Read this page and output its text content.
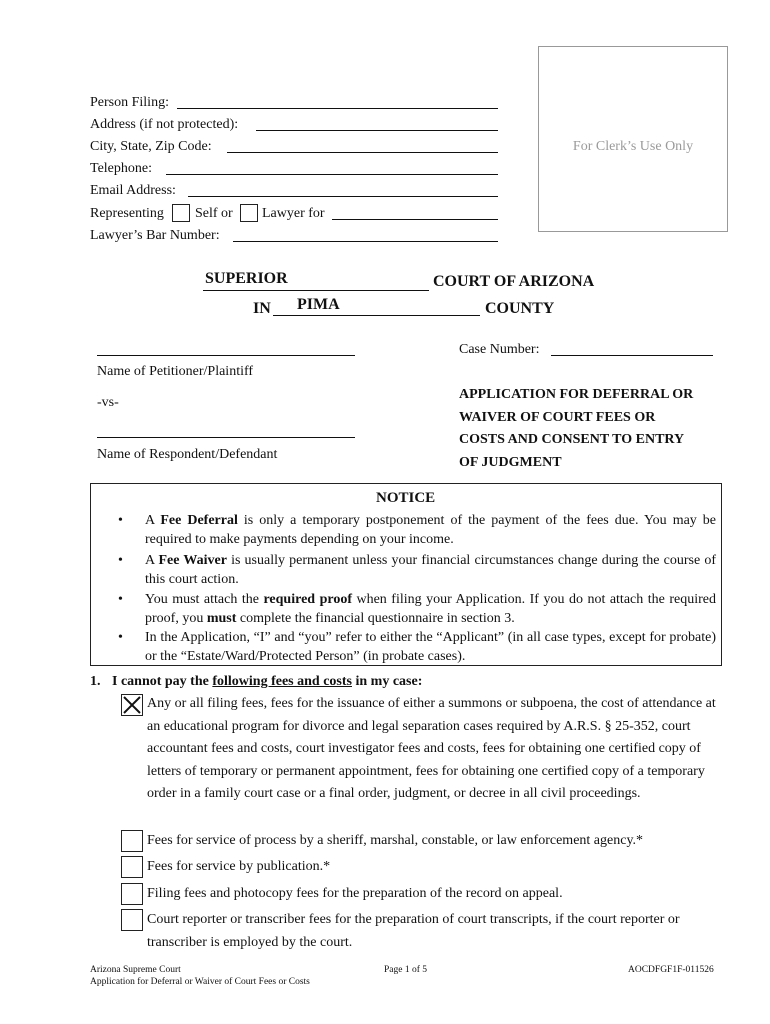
Person Filing:
Address (if not protected):
City, State, Zip Code:
Telephone:
Email Address:
Representing Self or Lawyer for
Lawyer’s Bar Number:
For Clerk’s Use Only
SUPERIOR	COURT OF ARIZONA
IN PIMA	COUNTY
Name of Petitioner/Plaintiff
-vs-
Name of Respondent/Defendant
Case Number:
APPLICATION FOR DEFERRAL OR
WAIVER OF COURT FEES OR
COSTS AND CONSENT TO ENTRY
OF JUDGMENT
NOTICE
• A Fee Deferral is only a temporary postponement of the payment of the fees due. You may be required to make payments depending on your income.
• A Fee Waiver is usually permanent unless your financial circumstances change during the course of this court action.
• You must attach the required proof when filing your Application. If you do not attach the required proof, you must complete the financial questionnaire in section 3.
• In the Application, “I” and “you” refer to either the “Applicant” (in all case types, except for probate) or the “Estate/Ward/Protected Person” (in probate cases).
1. I cannot pay the following fees and costs in my case:
Any or all filing fees, fees for the issuance of either a summons or subpoena, the cost of attendance at an educational program for divorce and legal separation cases required by A.R.S. § 25-352, court accountant fees and costs, court investigator fees and costs, fees for obtaining one certified copy of letters of temporary or permanent appointment, fees for obtaining one certified copy of a temporary order in a family court case or a final order, judgment, or decree in all civil proceedings.
Fees for service of process by a sheriff, marshal, constable, or law enforcement agency.*
Fees for service by publication.*
Filing fees and photocopy fees for the preparation of the record on appeal.
Court reporter or transcriber fees for the preparation of court transcripts, if the court reporter or transcriber is employed by the court.
Arizona Supreme Court
Application for Deferral or Waiver of Court Fees or Costs
Page 1 of 5	AOCDFGF1F-011526
